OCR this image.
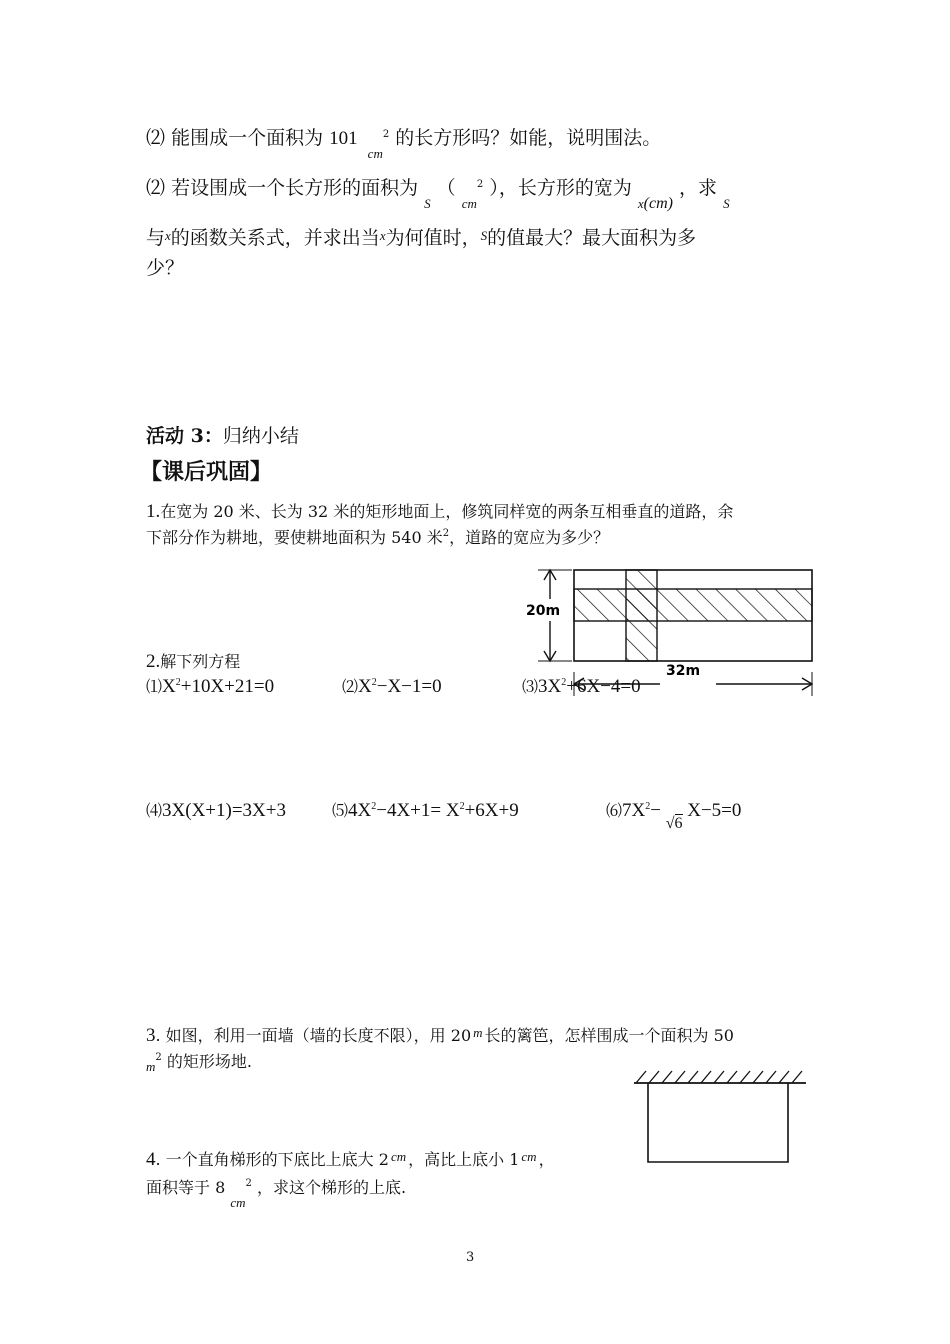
⑵ 能围成一个面积为 101 $_{cm}^2$ 的长方形吗？如能，说明围法。
⑵ 若设围成一个长方形的面积为 $_S$ （ $_{cm}^2$ ），长方形的宽为 $_{x(cm)}$ ，求 $_S$
与$^x$的函数关系式，并求出当$^x$为何值时，$^S$的值最大？最大面积为多
少？
活动 3：归纳小结
【课后巩固】
1.在宽为 20 米、长为 32 米的矩形地面上，修筑同样宽的两条互相垂直的道路，余
下部分作为耕地，要使耕地面积为 540 米$^2$，道路的宽应为多少？
20m
32m
2.解下列方程
$⑴X^2+10X+21=0$	$⑵X^2-X-1=0$	$⑶3X^2+6X-4=0$
⑷3X(X+1)=3X+3	$⑸4X^2-4X+1= X^2+6X+9$	$⑹7X^2- _{√6}$ X−5=0
3. 如图，利用一面墙（墙的长度不限），用 20 $^m$ 长的篱笆，怎样围成一个面积为 50
$_m^2$ 的矩形场地.
4. 一个直角梯形的下底比上底大 2 $^{cm}$ ，高比上底小 1 $^{cm}$ ，
面积等于 8 $_{cm}^2$ ，求这个梯形的上底.
3
